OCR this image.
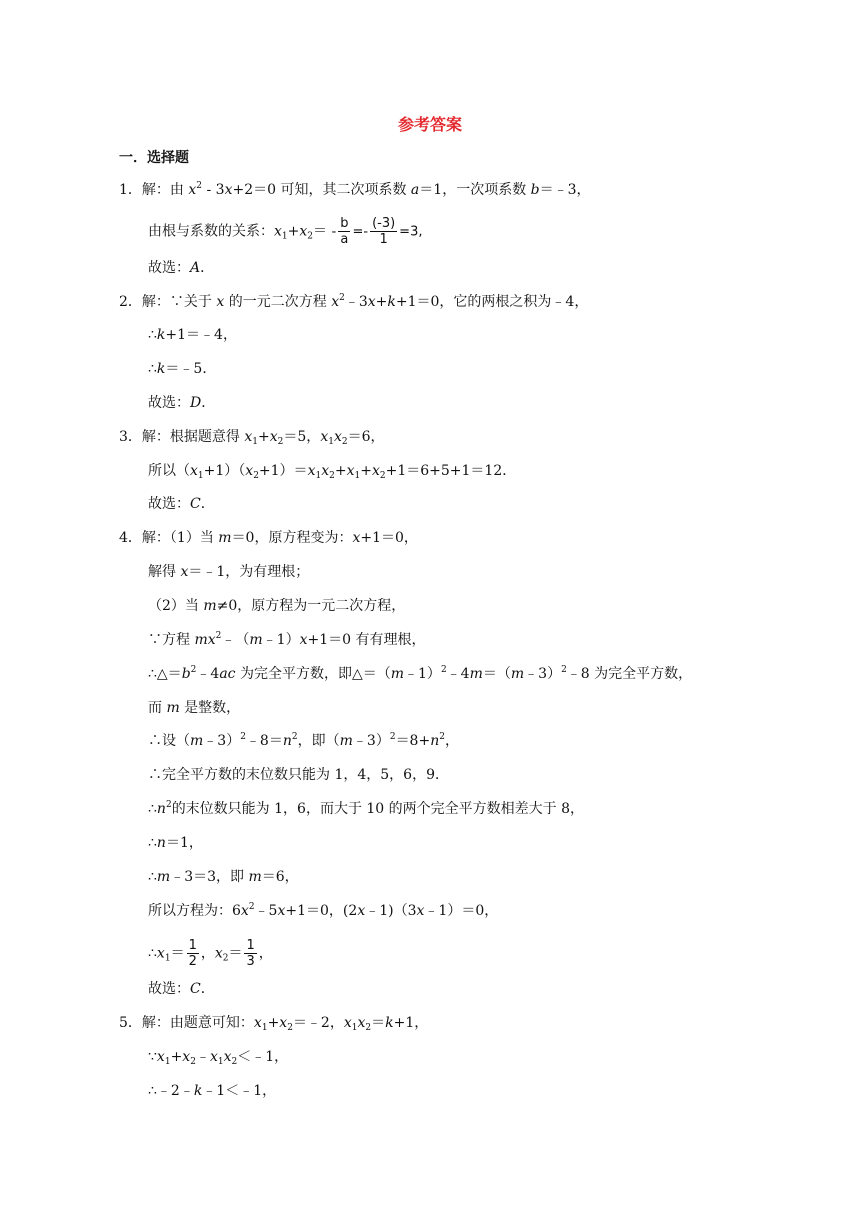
参考答案
一．选择题
1．解：由 $x^2 - 3x+2=0$ 可知，其二次项系数 a＝1，一次项系数 b＝﹣3，
由根与系数的关系：$x_1+x_2= - \frac{b}{a} =- \frac{(-3)}{1} =3$,
故选：A．
2．解：∵关于 x 的一元二次方程 $x^2﹣3x+k+1=0$，它的两根之积为﹣4，
∴k+1＝﹣4，
∴k＝﹣5．
故选：D．
3．解：根据题意得 $x_1+x_2=5$，$x_1x_2=6$，
所以$(x_1+1)(x_2+1)=x_1x_2+x_1+x_2+1=6+5+1=12$．
故选：C．
4．解：（1）当 m＝0，原方程变为：x+1＝0，
解得 x＝﹣1，为有理根；
（2）当 m≠0，原方程为一元二次方程，
∵方程 $mx^2﹣(m﹣1)x+1=0$ 有有理根，
$\therefore\triangle=b^2﹣4ac$ 为完全平方数，即△＝（m﹣1）$^2$﹣4m＝（m﹣3）$^2$﹣8 为完全平方数，
而 m 是整数，
∴设$(m﹣3)^2﹣8=n^2$，即$(m﹣3)^2=8+n^2$，
∴完全平方数的末位数只能为 1，4，5，6，9．
$\therefore n^2$的末位数只能为 1，6，而大于 10 的两个完全平方数相差大于 8，
∴n＝1，
∴m﹣3＝3，即 m＝6，
所以方程为：$6x^2﹣5x+1=0$，(2x﹣1)（3x﹣1）＝0，
$\therefore x_1= \frac{1}{2}$ ，$x_2= \frac{1}{3}$ ，
故选：C．
5．解：由题意可知：$x_1+x_2=﹣2$，$x_1x_2=k+1$，
$\because x_1+x_2﹣x_1x_2<﹣1$，
∴﹣2﹣k﹣1＜﹣1，
